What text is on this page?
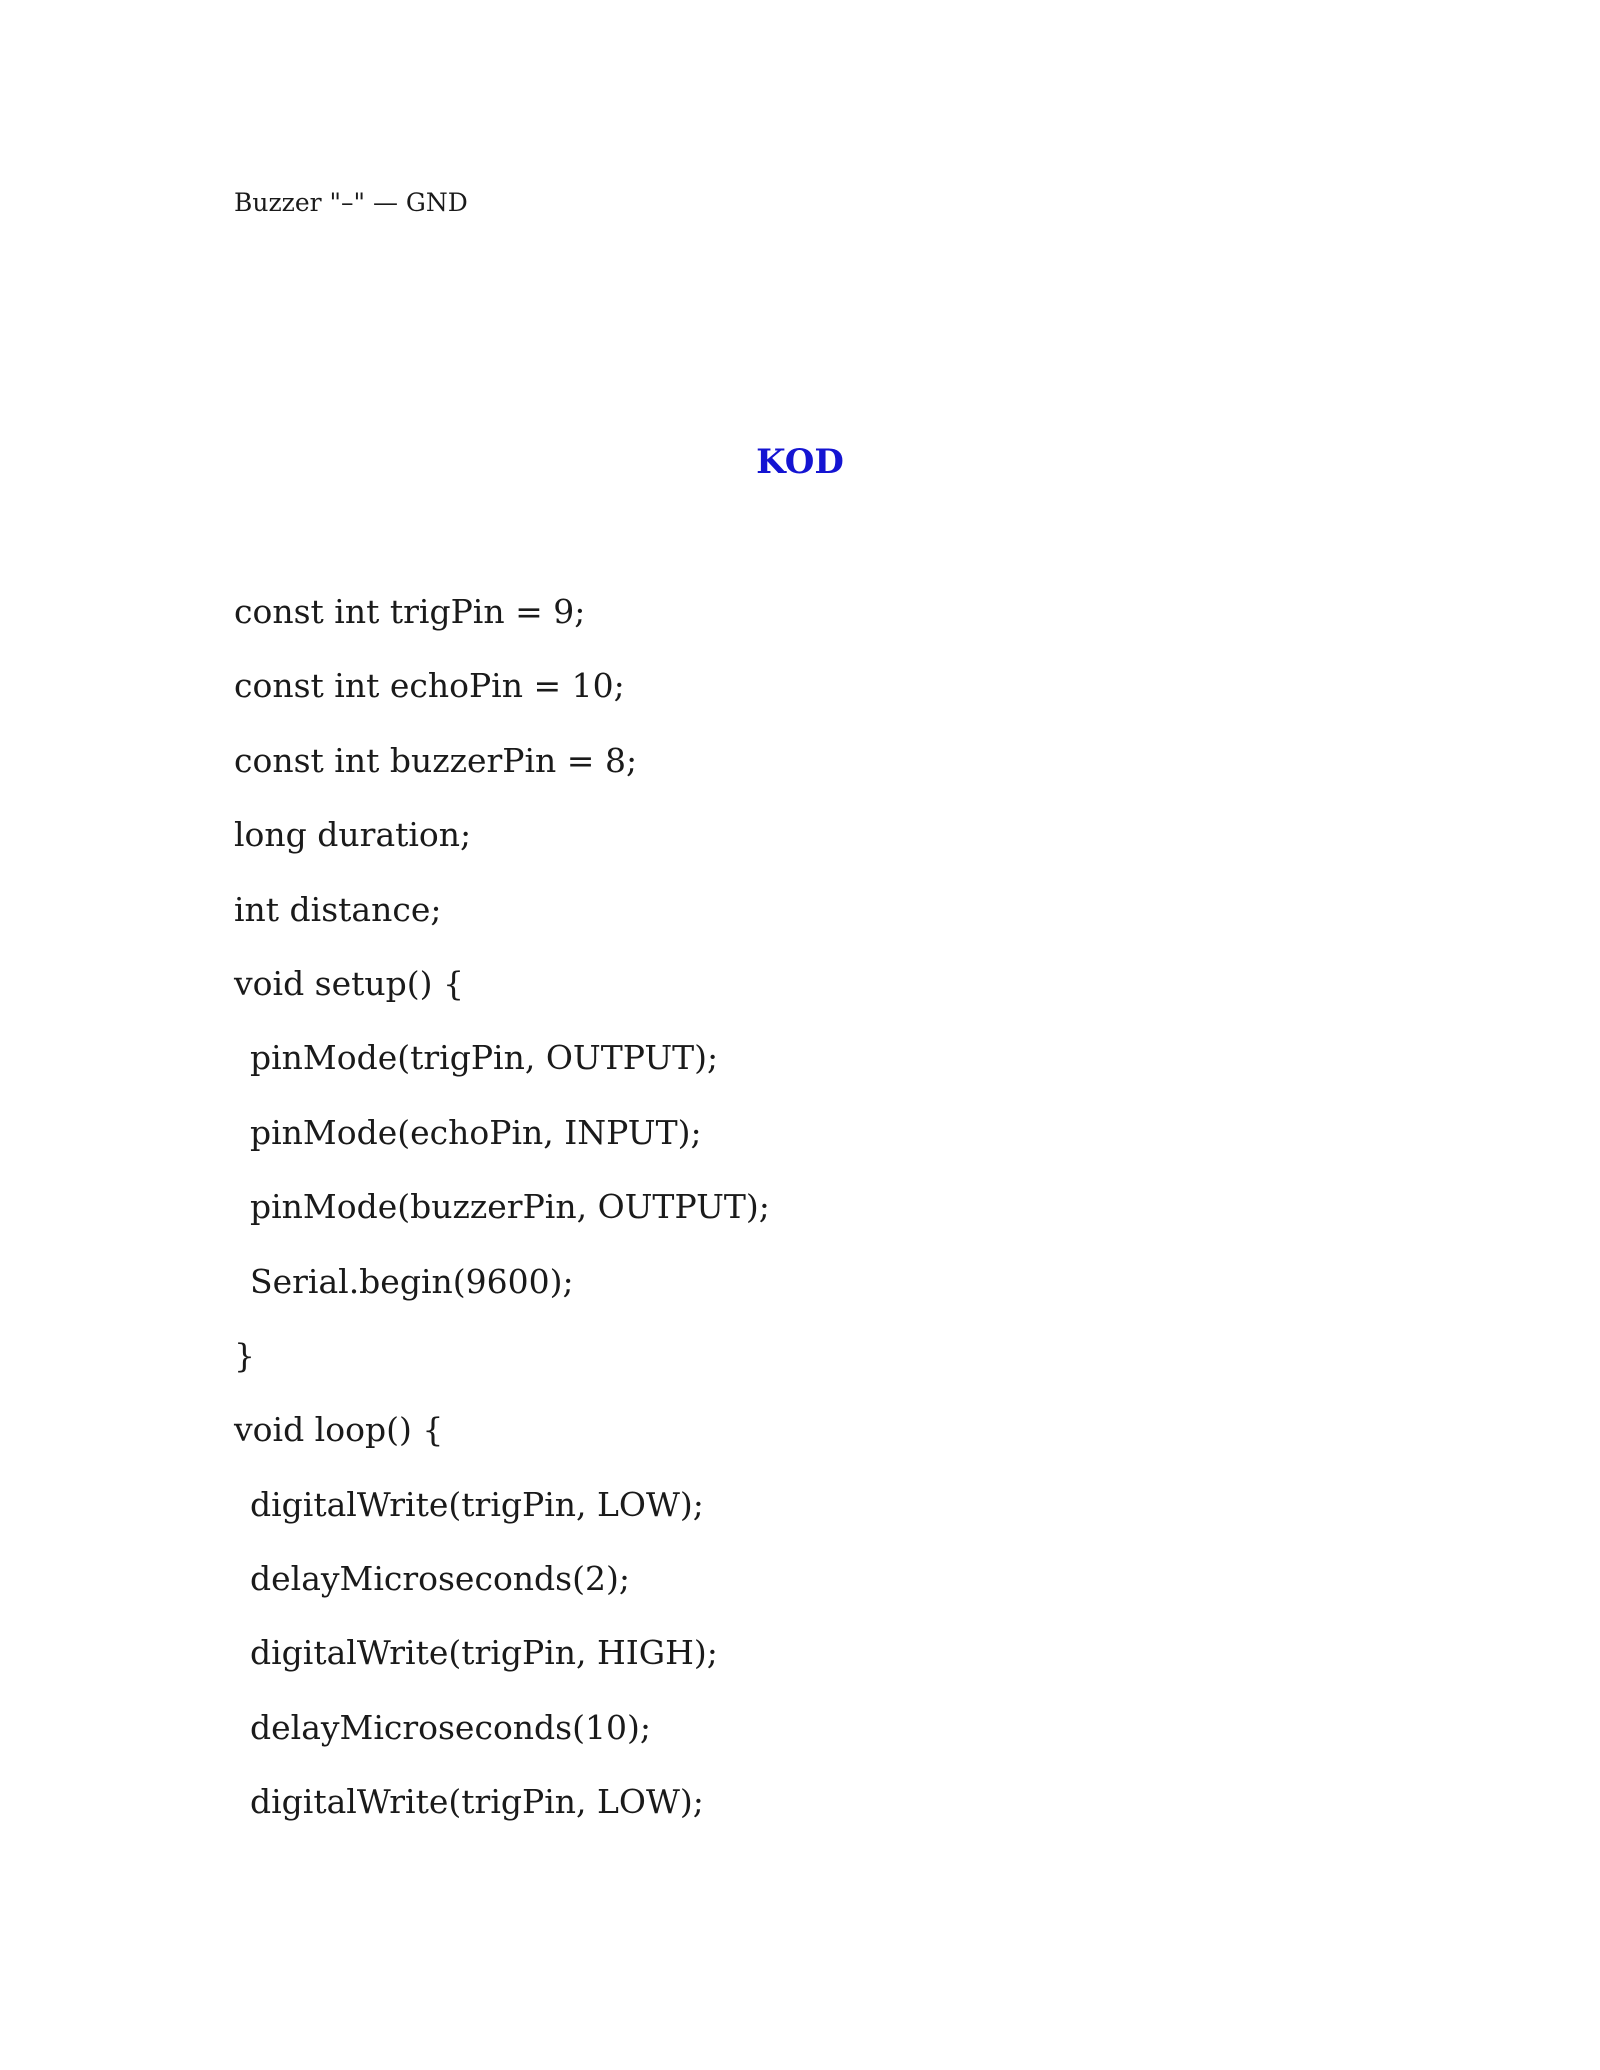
Buzzer "–" — GND
KOD
const int trigPin = 9;
const int echoPin = 10;
const int buzzerPin = 8;
long duration;
int distance;
void setup() {
pinMode(trigPin, OUTPUT);
pinMode(echoPin, INPUT);
pinMode(buzzerPin, OUTPUT);
Serial.begin(9600);
}
void loop() {
digitalWrite(trigPin, LOW);
delayMicroseconds(2);
digitalWrite(trigPin, HIGH);
delayMicroseconds(10);
digitalWrite(trigPin, LOW);
